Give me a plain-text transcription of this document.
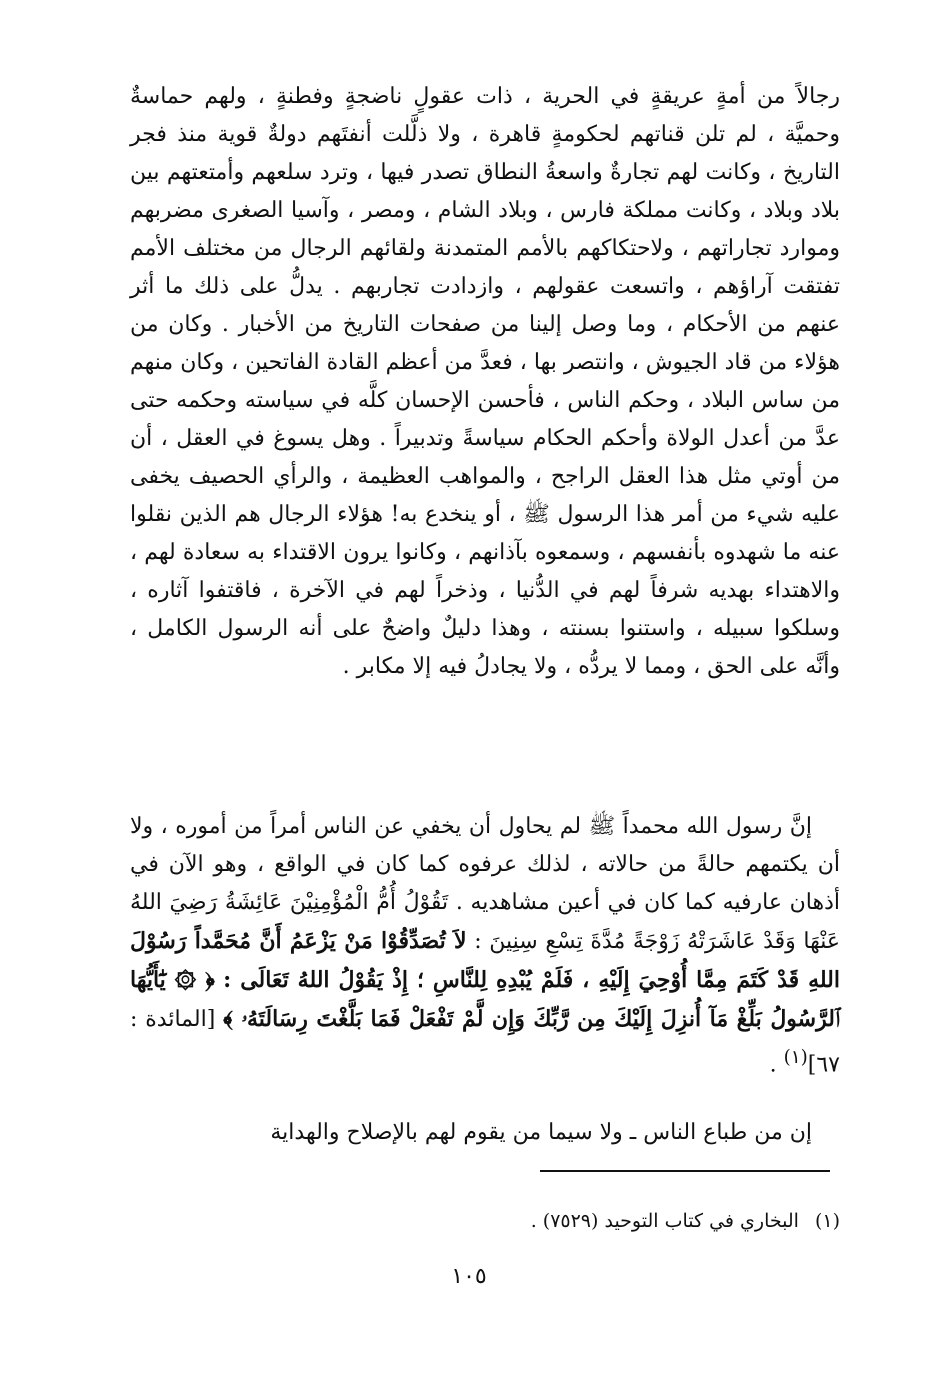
رجالاً من أمةٍ عريقةٍ في الحرية ، ذات عقولٍ ناضجةٍ وفطنةٍ ، ولهم حماسةٌ وحميَّة ، لم تلن قناتهم لحكومةٍ قاهرة ، ولا ذلَّلت أنفتَهم دولةٌ قوية منذ فجر التاريخ ، وكانت لهم تجارةٌ واسعةُ النطاق تصدر فيها ، وترد سلعهم وأمتعتهم بين بلاد وبلاد ، وكانت مملكة فارس ، وبلاد الشام ، ومصر ، وآسيا الصغرى مضربهم وموارد تجاراتهم ، ولاحتكاكهم بالأمم المتمدنة ولقائهم الرجال من مختلف الأمم تفتقت آراؤهم ، واتسعت عقولهم ، وازدادت تجاربهم . يدلُّ على ذلك ما أثر عنهم من الأحكام ، وما وصل إلينا من صفحات التاريخ من الأخبار . وكان من هؤلاء من قاد الجيوش ، وانتصر بها ، فعدَّ من أعظم القادة الفاتحين ، وكان منهم من ساس البلاد ، وحكم الناس ، فأحسن الإحسان كلَّه في سياسته وحكمه حتى عدَّ من أعدل الولاة وأحكم الحكام سياسةً وتدبيراً . وهل يسوغ في العقل ، أن من أوتي مثل هذا العقل الراجح ، والمواهب العظيمة ، والرأي الحصيف يخفى عليه شيء من أمر هذا الرسول ﷺ ، أو ينخدع به! هؤلاء الرجال هم الذين نقلوا عنه ما شهدوه بأنفسهم ، وسمعوه بآذانهم ، وكانوا يرون الاقتداء به سعادة لهم ، والاهتداء بهديه شرفاً لهم في الدُّنيا ، وذخراً لهم في الآخرة ، فاقتفوا آثاره ، وسلكوا سبيله ، واستنوا بسنته ، وهذا دليلٌ واضحٌ على أنه الرسول الكامل ، وأنَّه على الحق ، ومما لا يردُّه ، ولا يجادلُ فيه إلا مكابر .

إنَّ رسول الله محمداً ﷺ لم يحاول أن يخفي عن الناس أمراً من أموره ، ولا أن يكتمهم حالةً من حالاته ، لذلك عرفوه كما كان في الواقع ، وهو الآن في أذهان عارفيه كما كان في أعين مشاهديه . تَقُوْلُ أُمُّ الْمُؤْمِنِيْنَ عَائِشَةُ رَضِيَ اللهُ عَنْهَا وَقَدْ عَاشَرَتْهُ زَوْجَةً مُدَّةَ تِسْعِ سِنِينَ : لاَ تُصَدِّقُوْا مَنْ يَزْعَمُ أَنَّ مُحَمَّداً رَسُوْلَ اللهِ قَدْ كَتَمَ مِمَّا أُوْحِيَ إِلَيْهِ ، فَلَمْ يُبْدِهِ لِلنَّاسِ ؛ إِذْ يَقُوْلُ اللهُ تَعَالَى : ﴿ ۞ يَٰٓأَيُّهَا ٱلرَّسُولُ بَلِّغْ مَآ أُنزِلَ إِلَيْكَ مِن رَّبِّكَ وَإِن لَّمْ تَفْعَلْ فَمَا بَلَّغْتَ رِسَالَتَهُۥ ﴾ [المائدة : ٦٧]$^{(١)}$ .

إن من طباع الناس ـ ولا سيما من يقوم لهم بالإصلاح والهداية

(١)البخاري في كتاب التوحيد (٧٥٢٩) .
١٠٥
